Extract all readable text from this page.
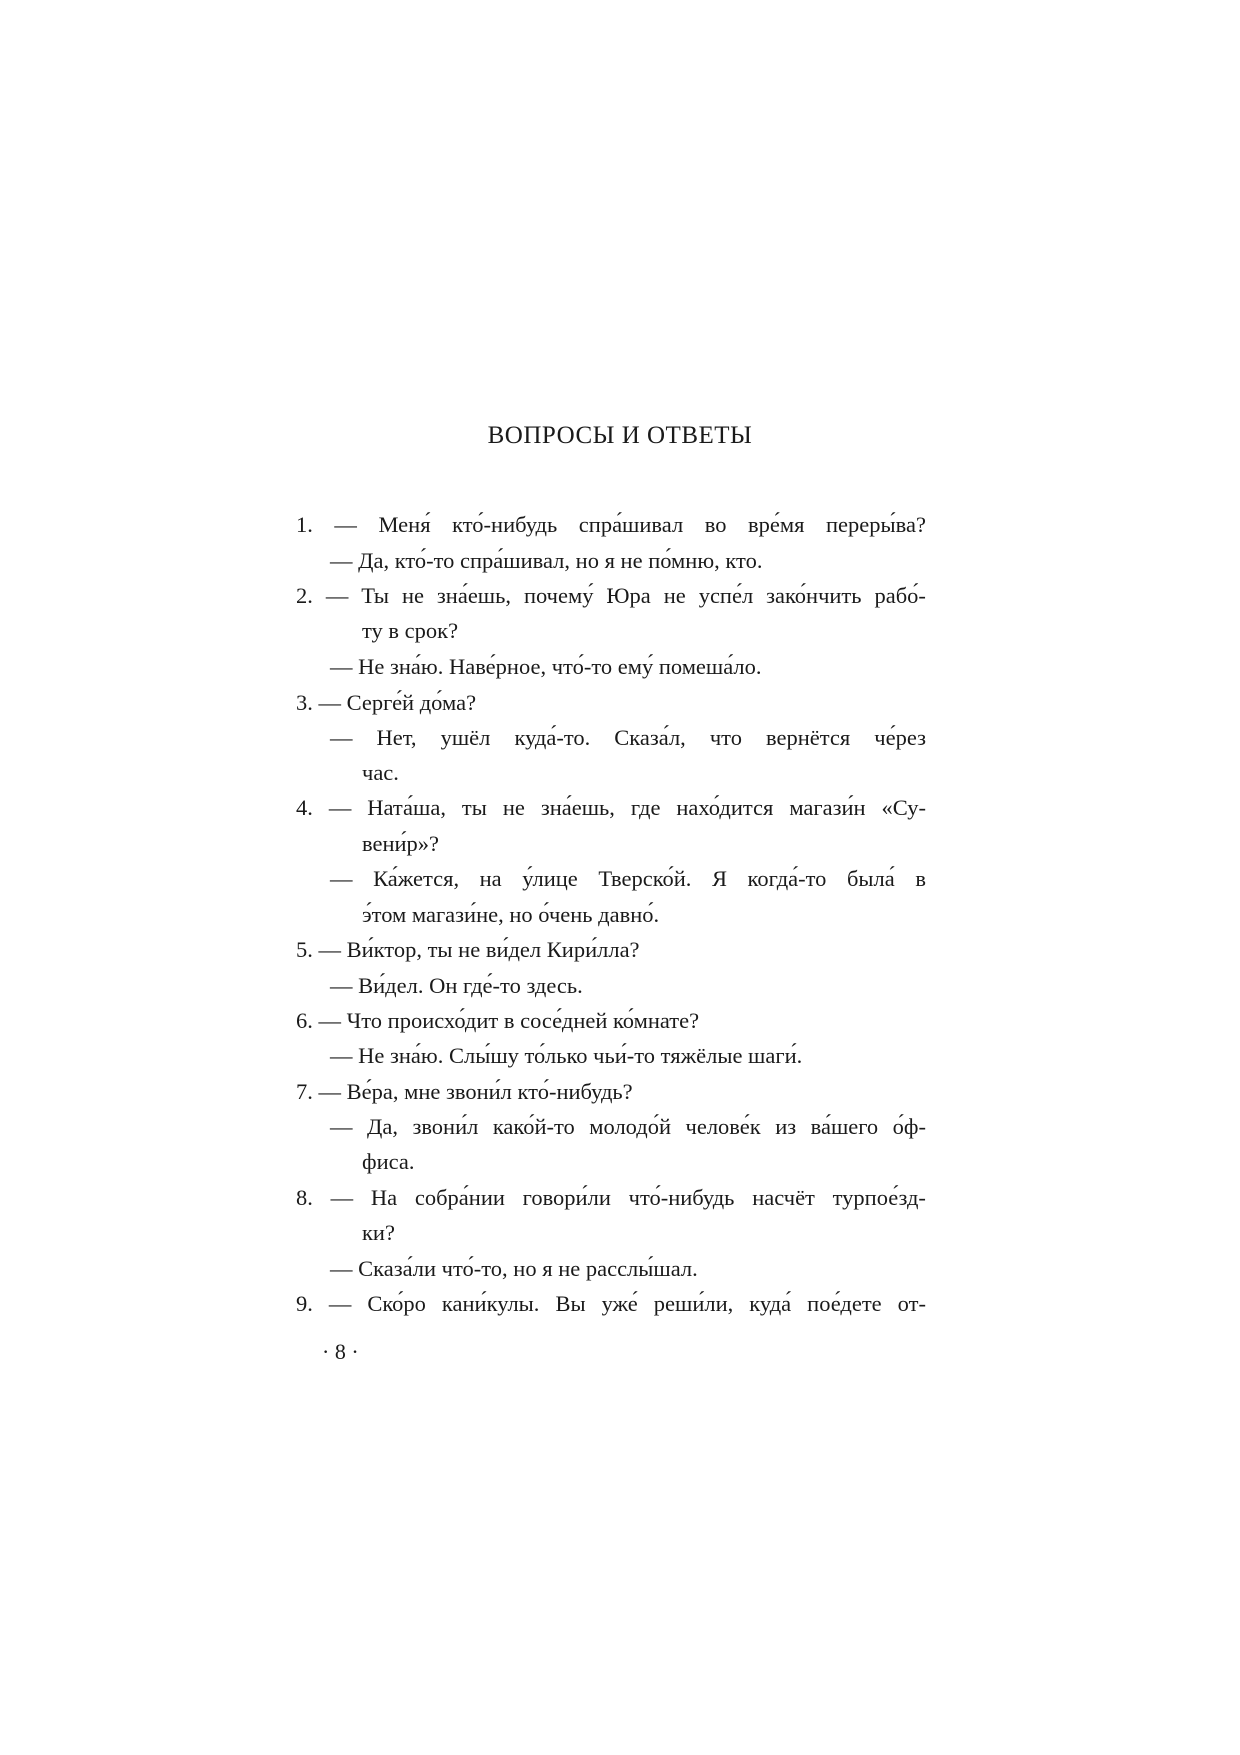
ВОПРОСЫ И ОТВЕТЫ
1. — Меня́ кто́-нибудь спра́шивал во вре́мя переры́ва?
— Да, кто́-то спра́шивал, но я не по́мню, кто.
2. — Ты не зна́ешь, почему́ Юра не успе́л зако́нчить рабо́-
ту в срок?
— Не зна́ю. Наве́рное, что́-то ему́ помеша́ло.
3. — Серге́й до́ма?
— Нет, ушёл куда́-то. Сказа́л, что вернётся че́рез
час.
4. — Ната́ша, ты не зна́ешь, где нахо́дится магази́н «Су-
вени́р»?
— Ка́жется, на у́лице Тверско́й. Я когда́-то была́ в
э́том магази́не, но о́чень давно́.
5. — Ви́ктор, ты не ви́дел Кири́лла?
— Ви́дел. Он где́-то здесь.
6. — Что происхо́дит в сосе́дней ко́мнате?
— Не зна́ю. Слы́шу то́лько чьи́-то тяжёлые шаги́.
7. — Ве́ра, мне звони́л кто́-нибудь?
— Да, звони́л како́й-то молодо́й челове́к из ва́шего о́ф-
фиса.
8. — На собра́нии говори́ли что́-нибудь насчёт турпое́зд-
ки?
— Сказа́ли что́-то, но я не расслы́шал.
9. — Ско́ро кани́кулы. Вы уже́ реши́ли, куда́ пое́дете от-
· 8 ·
